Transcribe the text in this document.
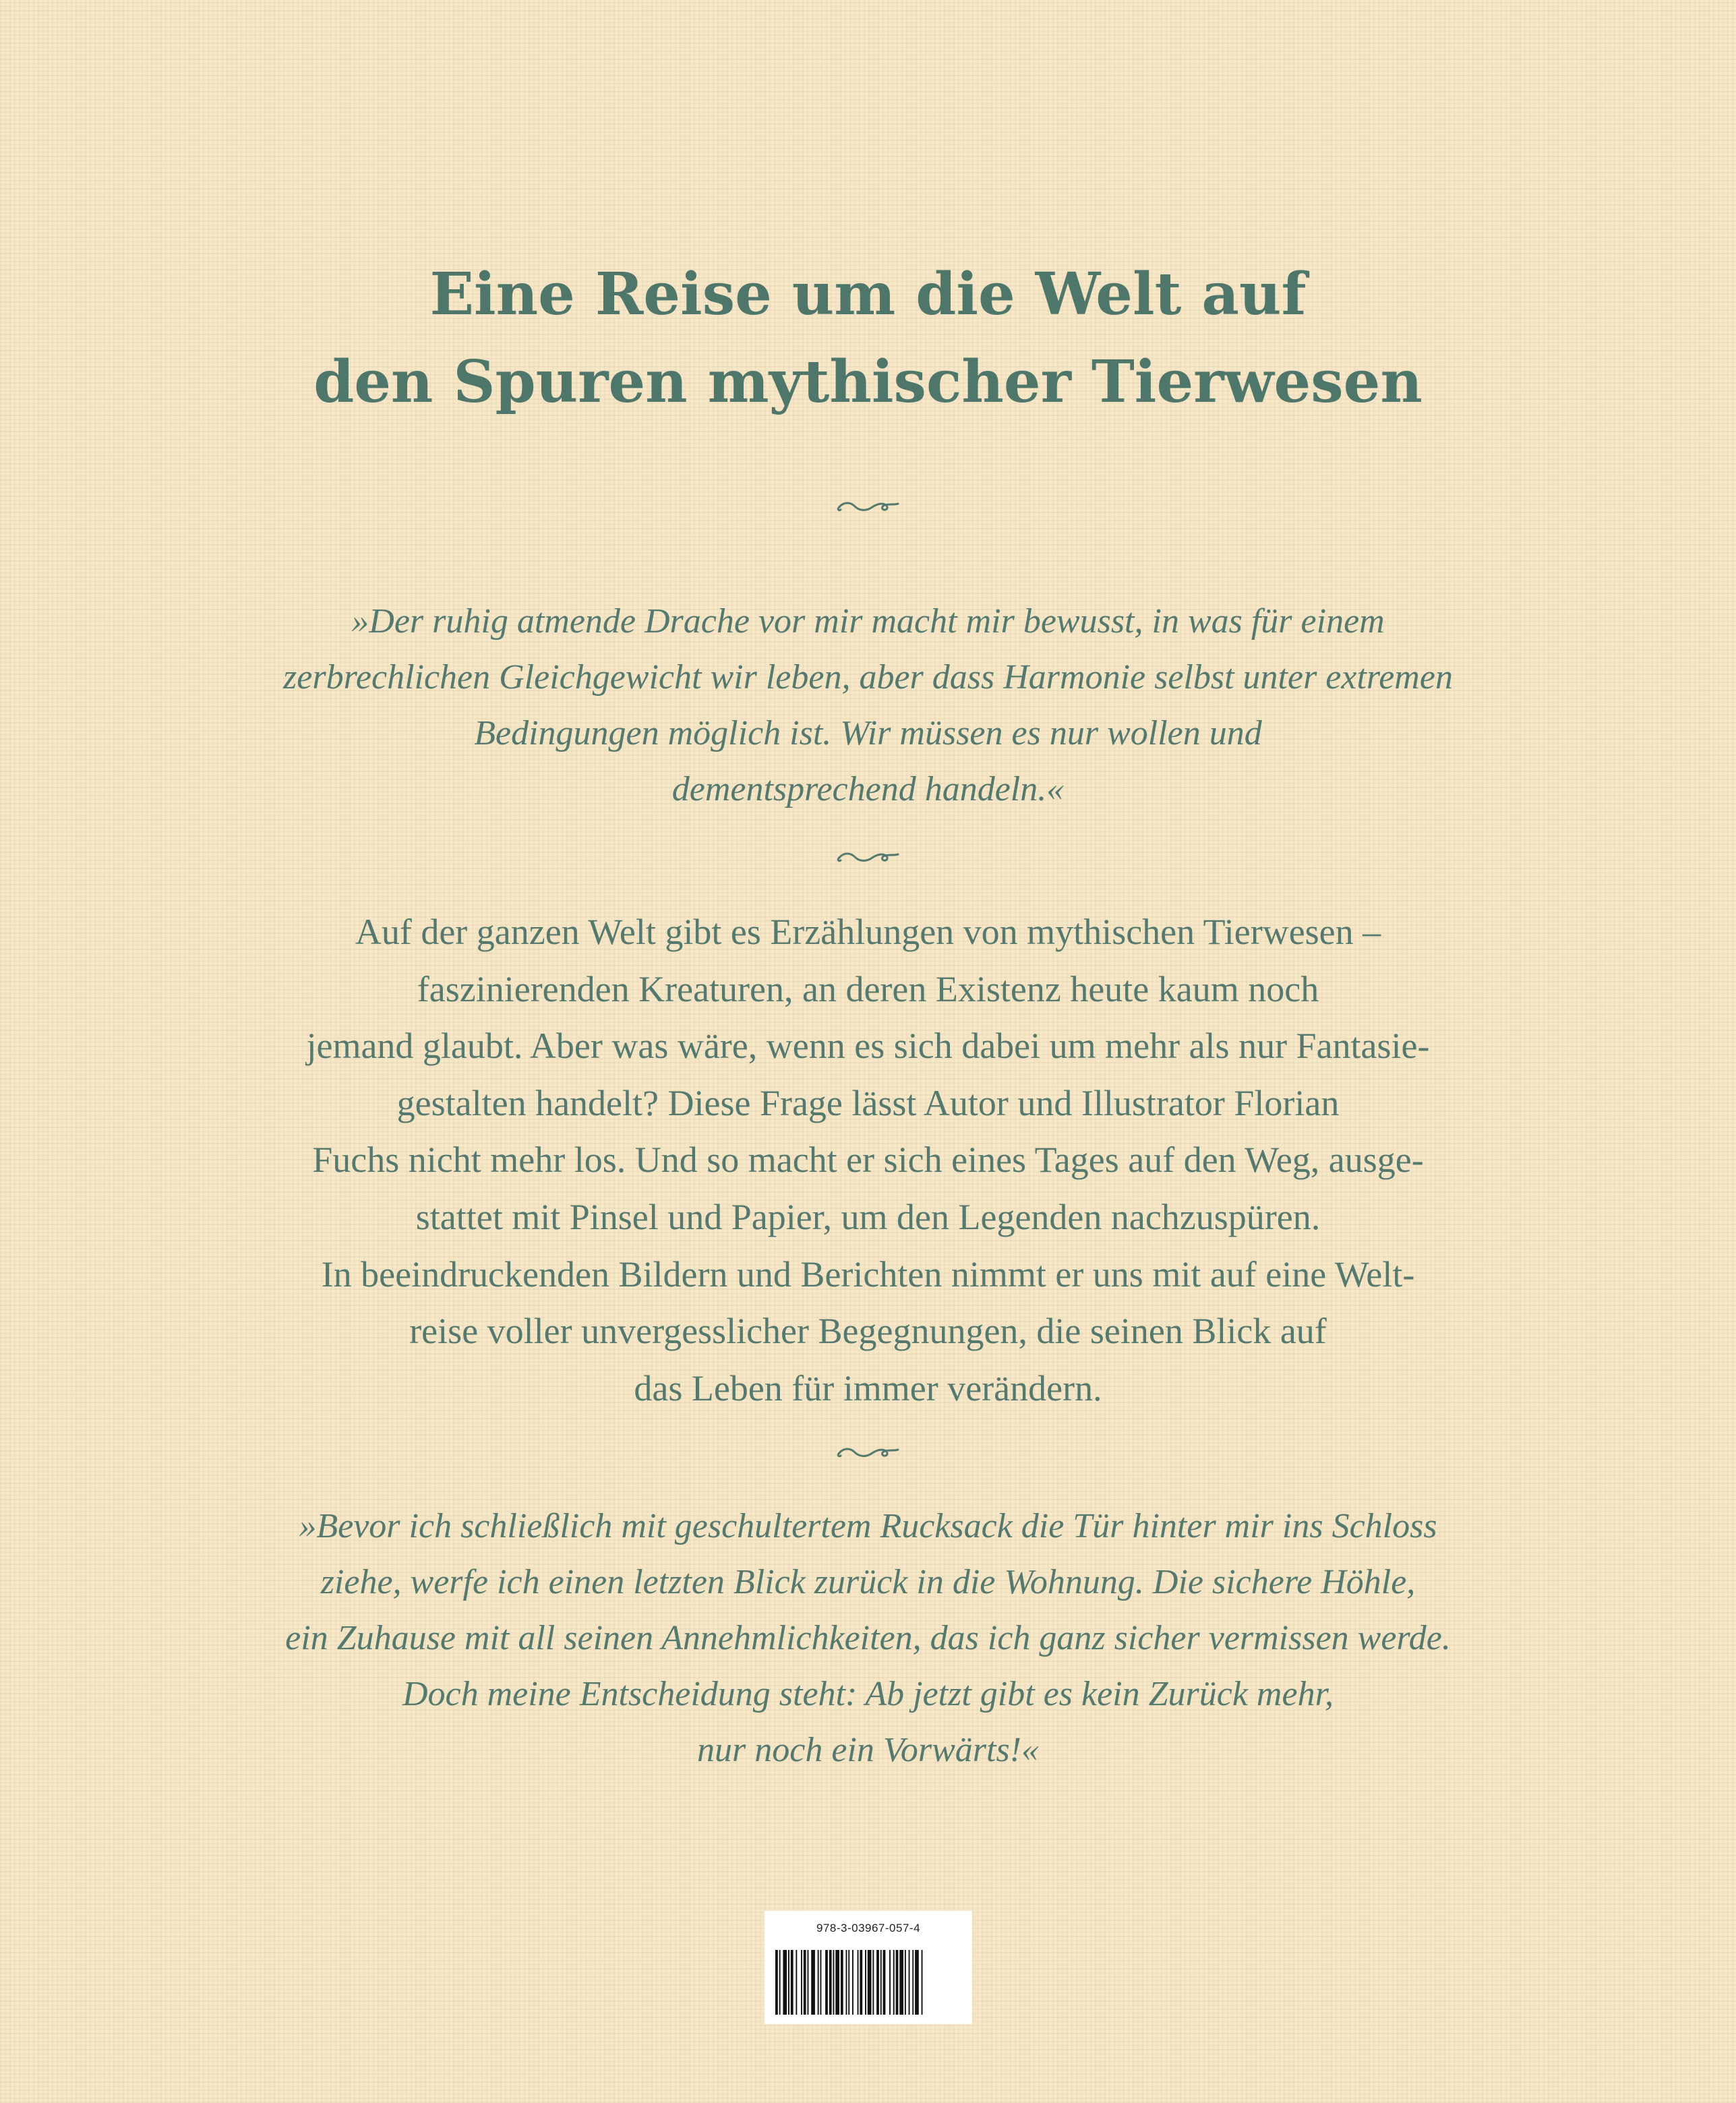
Eine Reise um die Welt auf
den Spuren mythischer Tierwesen

»Der ruhig atmende Drache vor mir macht mir bewusst, in was für einem
zerbrechlichen Gleichgewicht wir leben, aber dass Harmonie selbst unter extremen
Bedingungen möglich ist. Wir müssen es nur wollen und
dementsprechend handeln.«

Auf der ganzen Welt gibt es Erzählungen von mythischen Tierwesen –
faszinierenden Kreaturen, an deren Existenz heute kaum noch
jemand glaubt. Aber was wäre, wenn es sich dabei um mehr als nur Fantasie-
gestalten handelt? Diese Frage lässt Autor und Illustrator Florian
Fuchs nicht mehr los. Und so macht er sich eines Tages auf den Weg, ausge-
stattet mit Pinsel und Papier, um den Legenden nachzuspüren.
In beeindruckenden Bildern und Berichten nimmt er uns mit auf eine Welt-
reise voller unvergesslicher Begegnungen, die seinen Blick auf
das Leben für immer verändern.

»Bevor ich schließlich mit geschultertem Rucksack die Tür hinter mir ins Schloss
ziehe, werfe ich einen letzten Blick zurück in die Wohnung. Die sichere Höhle,
ein Zuhause mit all seinen Annehmlichkeiten, das ich ganz sicher vermissen werde.
Doch meine Entscheidung steht: Ab jetzt gibt es kein Zurück mehr,
nur noch ein Vorwärts!«

978-3-03967-057-4
